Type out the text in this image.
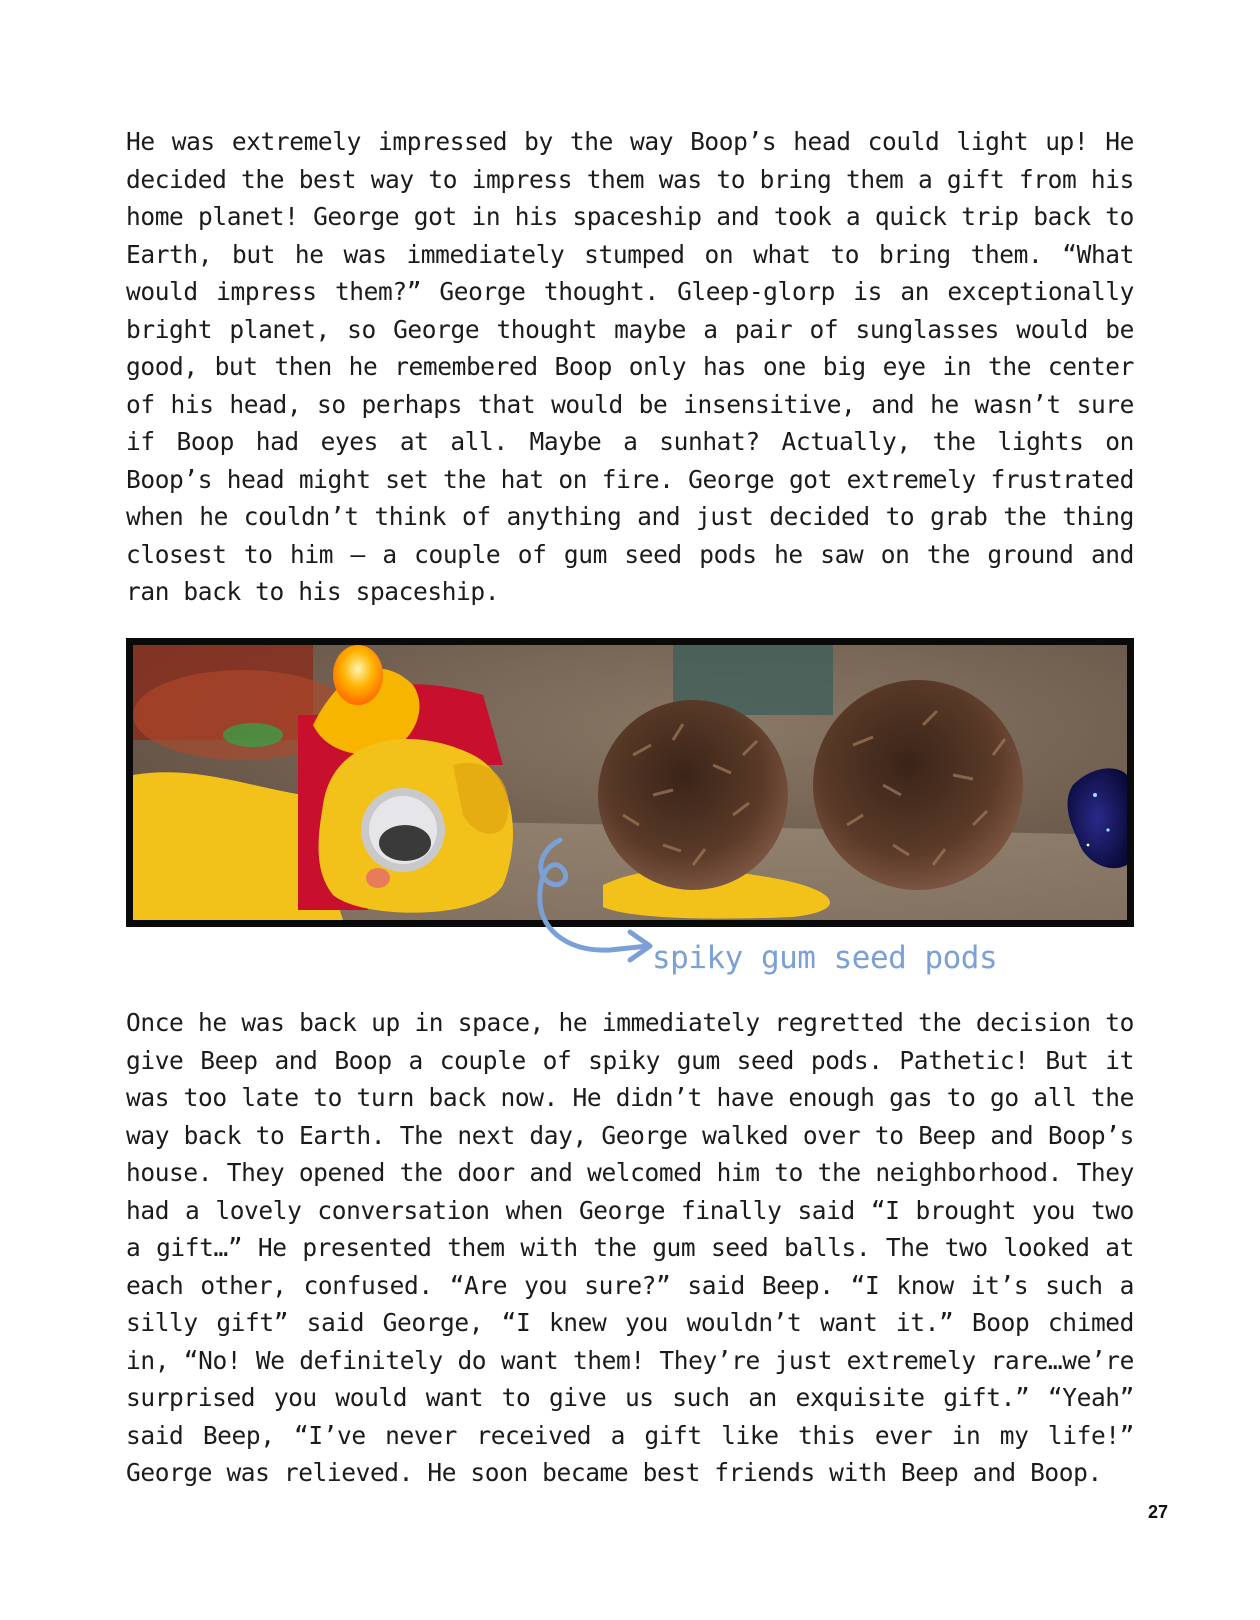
He was extremely impressed by the way Boop’s head could light up! He decided the best way to impress them was to bring them a gift from his home planet! George got in his spaceship and took a quick trip back to Earth, but he was immediately stumped on what to bring them. “What would impress them?” George thought. Gleep-glorp is an exceptionally bright planet, so George thought maybe a pair of sunglasses would be good, but then he remembered Boop only has one big eye in the center of his head, so perhaps that would be insensitive, and he wasn’t sure if Boop had eyes at all. Maybe a sunhat? Actually, the lights on Boop’s head might set the hat on fire. George got extremely frustrated when he couldn’t think of anything and just decided to grab the thing closest to him – a couple of gum seed pods he saw on the ground and ran back to his spaceship.

spiky gum seed pods

Once he was back up in space, he immediately regretted the decision to give Beep and Boop a couple of spiky gum seed pods. Pathetic! But it was too late to turn back now. He didn’t have enough gas to go all the way back to Earth. The next day, George walked over to Beep and Boop’s house. They opened the door and welcomed him to the neighborhood. They had a lovely conversation when George finally said “I brought you two a gift…” He presented them with the gum seed balls. The two looked at each other, confused. “Are you sure?” said Beep. “I know it’s such a silly gift” said George, “I knew you wouldn’t want it.” Boop chimed in, “No! We definitely do want them! They’re just extremely rare…we’re surprised you would want to give us such an exquisite gift.” “Yeah” said Beep, “I’ve never received a gift like this ever in my life!” George was relieved. He soon became best friends with Beep and Boop.

27
